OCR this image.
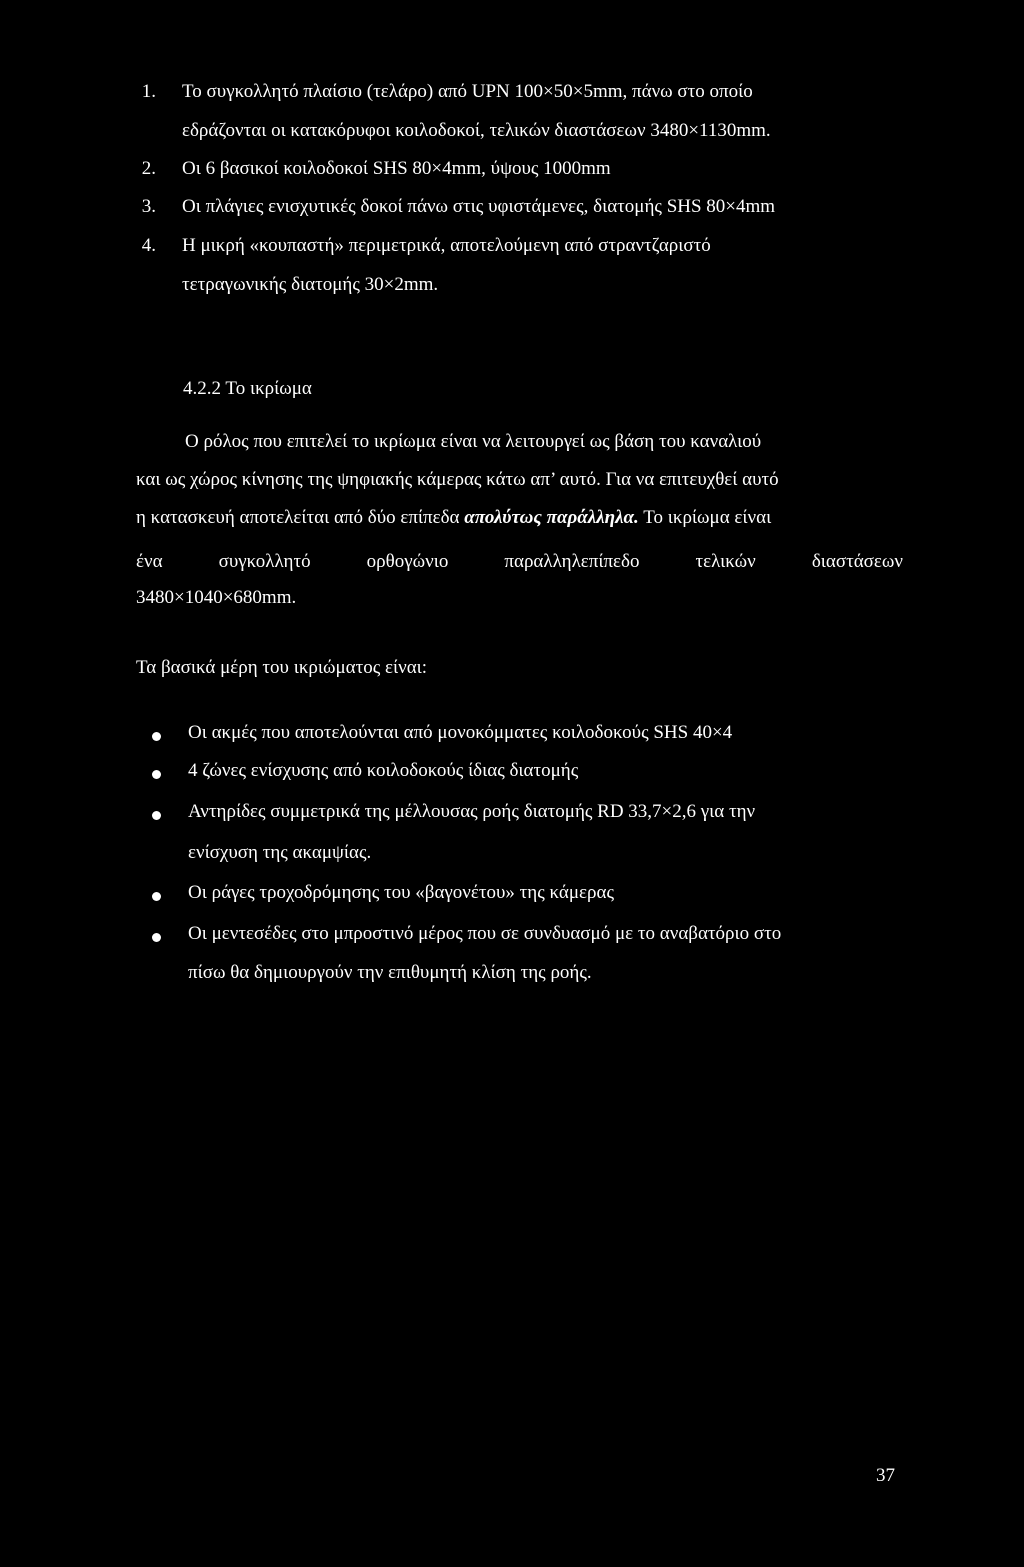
1. Το συγκολλητό πλαίσιο (τελάρο) από UPN 100×50×5mm, πάνω στο οποίο
εδράζονται οι κατακόρυφοι κοιλοδοκοί, τελικών διαστάσεων 3480×1130mm.
2. Οι 6 βασικοί κοιλοδοκοί SHS 80×4mm, ύψους 1000mm
3. Οι πλάγιες ενισχυτικές δοκοί πάνω στις υφιστάμενες, διατομής SHS 80×4mm
4. Η μικρή «κουπαστή» περιμετρικά, αποτελούμενη από στραντζαριστό
τετραγωνικής διατομής 30×2mm.
4.2.2 Το ικρίωμα
Ο ρόλος που επιτελεί το ικρίωμα είναι να λειτουργεί ως βάση του καναλιού
και ως χώρος κίνησης της ψηφιακής κάμερας κάτω απ’ αυτό. Για να επιτευχθεί αυτό
η κατασκευή αποτελείται από δύο επίπεδα απολύτως παράλληλα. Το ικρίωμα είναι
ένα	συγκολλητό	ορθογώνιο	παραλληλεπίπεδο	τελικών	διαστάσεων
3480×1040×680mm.
Τα βασικά μέρη του ικριώματος είναι:
Οι ακμές που αποτελούνται από μονοκόμματες κοιλοδοκούς SHS 40×4
4 ζώνες ενίσχυσης από κοιλοδοκούς ίδιας διατομής
Αντηρίδες συμμετρικά της μέλλουσας ροής διατομής RD 33,7×2,6 για την
ενίσχυση της ακαμψίας.
Οι ράγες τροχοδρόμησης του «βαγονέτου» της κάμερας
Οι μεντεσέδες στο μπροστινό μέρος που σε συνδυασμό με το αναβατόριο στο
πίσω θα δημιουργούν την επιθυμητή κλίση της ροής.
37
